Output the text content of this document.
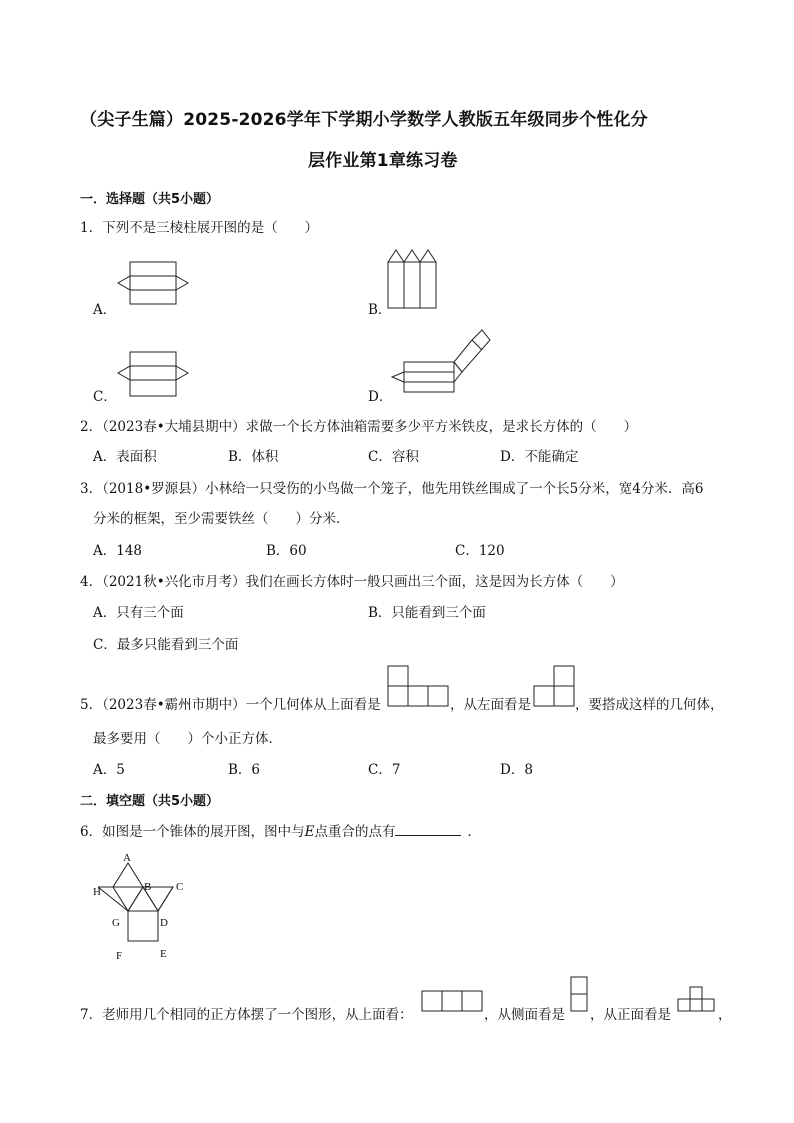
（尖子生篇）2025-2026学年下学期小学数学人教版五年级同步个性化分
层作业第1章练习卷
一．选择题（共5小题）
1．下列不是三棱柱展开图的是（　　）
A．	B．
C．	D．
2．（2023春•大埔县期中）求做一个长方体油箱需要多少平方米铁皮，是求长方体的（　　）
A．表面积	B．体积	C．容积	D．不能确定
3．（2018•罗源县）小林给一只受伤的小鸟做一个笼子，他先用铁丝围成了一个长5分米，宽4分米．高6
分米的框架，至少需要铁丝（　　）分米．
A．148	B．60	C．120
4．（2021秋•兴化市月考）我们在画长方体时一般只画出三个面，这是因为长方体（　　）
A．只有三个面	B．只能看到三个面
C．最多只能看到三个面
5．（2023春•霸州市期中）一个几何体从上面看是	，从左面看是	，要搭成这样的几何体，
最多要用（　　）个小正方体．
A．5	B．6	C．7	D．8
二．填空题（共5小题）
6．如图是一个锥体的展开图，图中与E点重合的点有	．
A
H	B C
G	D
F	E
7．老师用几个相同的正方体摆了一个图形，从上面看：	，从侧面看是 ，从正面看是	，
